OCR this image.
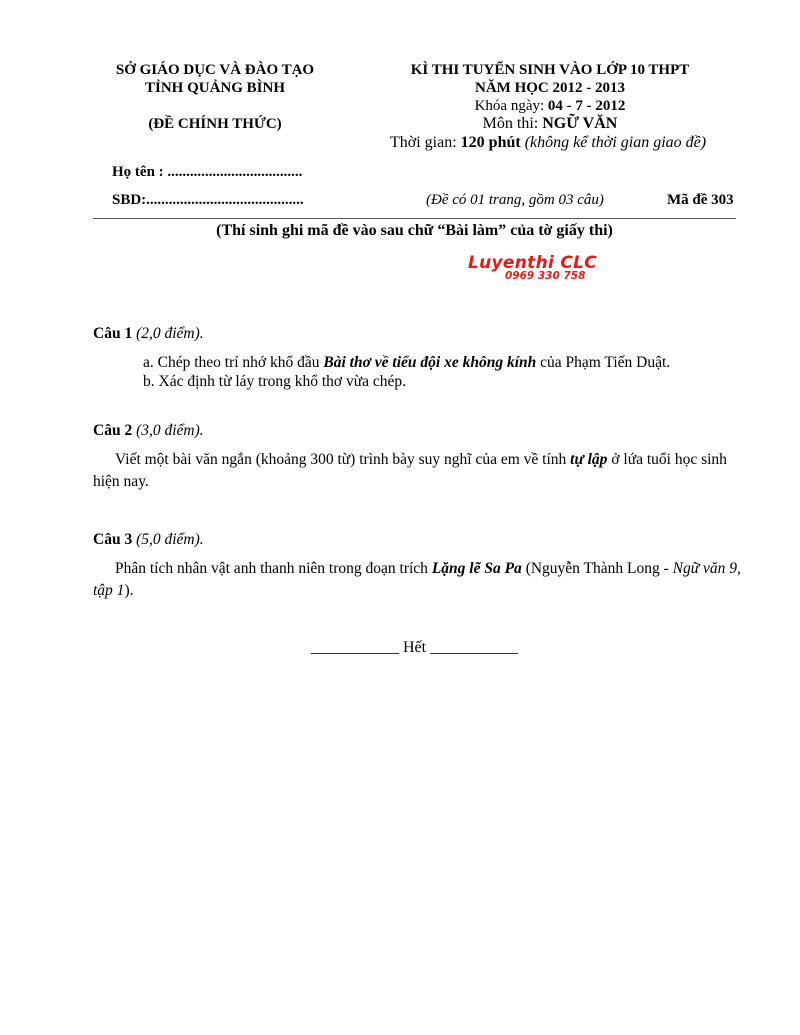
SỞ GIÁO DỤC VÀ ĐÀO TẠO
TỈNH QUẢNG BÌNH
(ĐỀ CHÍNH THỨC)
KÌ THI TUYỂN SINH VÀO LỚP 10 THPT
NĂM HỌC 2012 - 2013
Khóa ngày: 04 - 7 - 2012
Môn thi: NGỮ VĂN
Thời gian: 120 phút (không kể thời gian giao đề)
Họ tên : ....................................
SBD:..........................................	(Đề có 01 trang, gồm 03 câu)	Mã đề 303
(Thí sinh ghi mã đề vào sau chữ “Bài làm” của tờ giấy thi)
Luyenthi CLC
0969 330 758
Câu 1 (2,0 điểm).
a. Chép theo trí nhớ khổ đầu Bài thơ về tiểu đội xe không kính của Phạm Tiến Duật.
b. Xác định từ láy trong khổ thơ vừa chép.
Câu 2 (3,0 điểm).
Viết một bài văn ngắn (khoảng 300 từ) trình bày suy nghĩ của em về tính tự lập ở lứa tuổi học sinh hiện nay.
Câu 3 (5,0 điểm).
Phân tích nhân vật anh thanh niên trong đoạn trích Lặng lẽ Sa Pa (Nguyễn Thành Long - Ngữ văn 9, tập 1).
___________ Hết ___________
